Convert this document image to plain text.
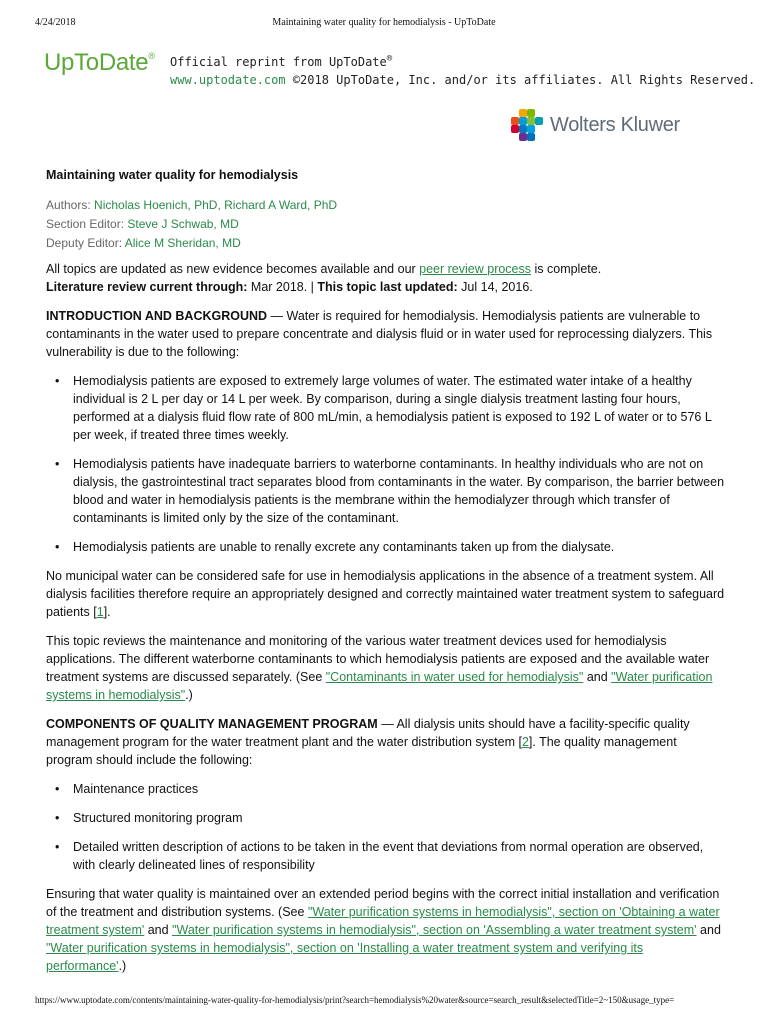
4/24/2018	Maintaining water quality for hemodialysis - UpToDate
UpToDate® Official reprint from UpToDate®
www.uptodate.com ©2018 UpToDate, Inc. and/or its affiliates. All Rights Reserved.
Wolters Kluwer
Maintaining water quality for hemodialysis
Authors: Nicholas Hoenich, PhD, Richard A Ward, PhD
Section Editor: Steve J Schwab, MD
Deputy Editor: Alice M Sheridan, MD
All topics are updated as new evidence becomes available and our peer review process is complete.
Literature review current through: Mar 2018. | This topic last updated: Jul 14, 2016.
INTRODUCTION AND BACKGROUND — Water is required for hemodialysis. Hemodialysis patients are vulnerable to contaminants in the water used to prepare concentrate and dialysis fluid or in water used for reprocessing dialyzers. This vulnerability is due to the following:
• Hemodialysis patients are exposed to extremely large volumes of water. The estimated water intake of a healthy individual is 2 L per day or 14 L per week. By comparison, during a single dialysis treatment lasting four hours, performed at a dialysis fluid flow rate of 800 mL/min, a hemodialysis patient is exposed to 192 L of water or to 576 L per week, if treated three times weekly.
• Hemodialysis patients have inadequate barriers to waterborne contaminants. In healthy individuals who are not on dialysis, the gastrointestinal tract separates blood from contaminants in the water. By comparison, the barrier between blood and water in hemodialysis patients is the membrane within the hemodialyzer through which transfer of contaminants is limited only by the size of the contaminant.
• Hemodialysis patients are unable to renally excrete any contaminants taken up from the dialysate.
No municipal water can be considered safe for use in hemodialysis applications in the absence of a treatment system. All dialysis facilities therefore require an appropriately designed and correctly maintained water treatment system to safeguard patients [1].
This topic reviews the maintenance and monitoring of the various water treatment devices used for hemodialysis applications. The different waterborne contaminants to which hemodialysis patients are exposed and the available water treatment systems are discussed separately. (See "Contaminants in water used for hemodialysis" and "Water purification systems in hemodialysis".)
COMPONENTS OF QUALITY MANAGEMENT PROGRAM — All dialysis units should have a facility-specific quality management program for the water treatment plant and the water distribution system [2]. The quality management program should include the following:
• Maintenance practices
• Structured monitoring program
• Detailed written description of actions to be taken in the event that deviations from normal operation are observed, with clearly delineated lines of responsibility
Ensuring that water quality is maintained over an extended period begins with the correct initial installation and verification of the treatment and distribution systems. (See "Water purification systems in hemodialysis", section on 'Obtaining a water treatment system' and "Water purification systems in hemodialysis", section on 'Assembling a water treatment system' and "Water purification systems in hemodialysis", section on 'Installing a water treatment system and verifying its performance'.)
https://www.uptodate.com/contents/maintaining-water-quality-for-hemodialysis/print?search=hemodialysis%20water&source=search_result&selectedTitle=2~150&usage_type=
